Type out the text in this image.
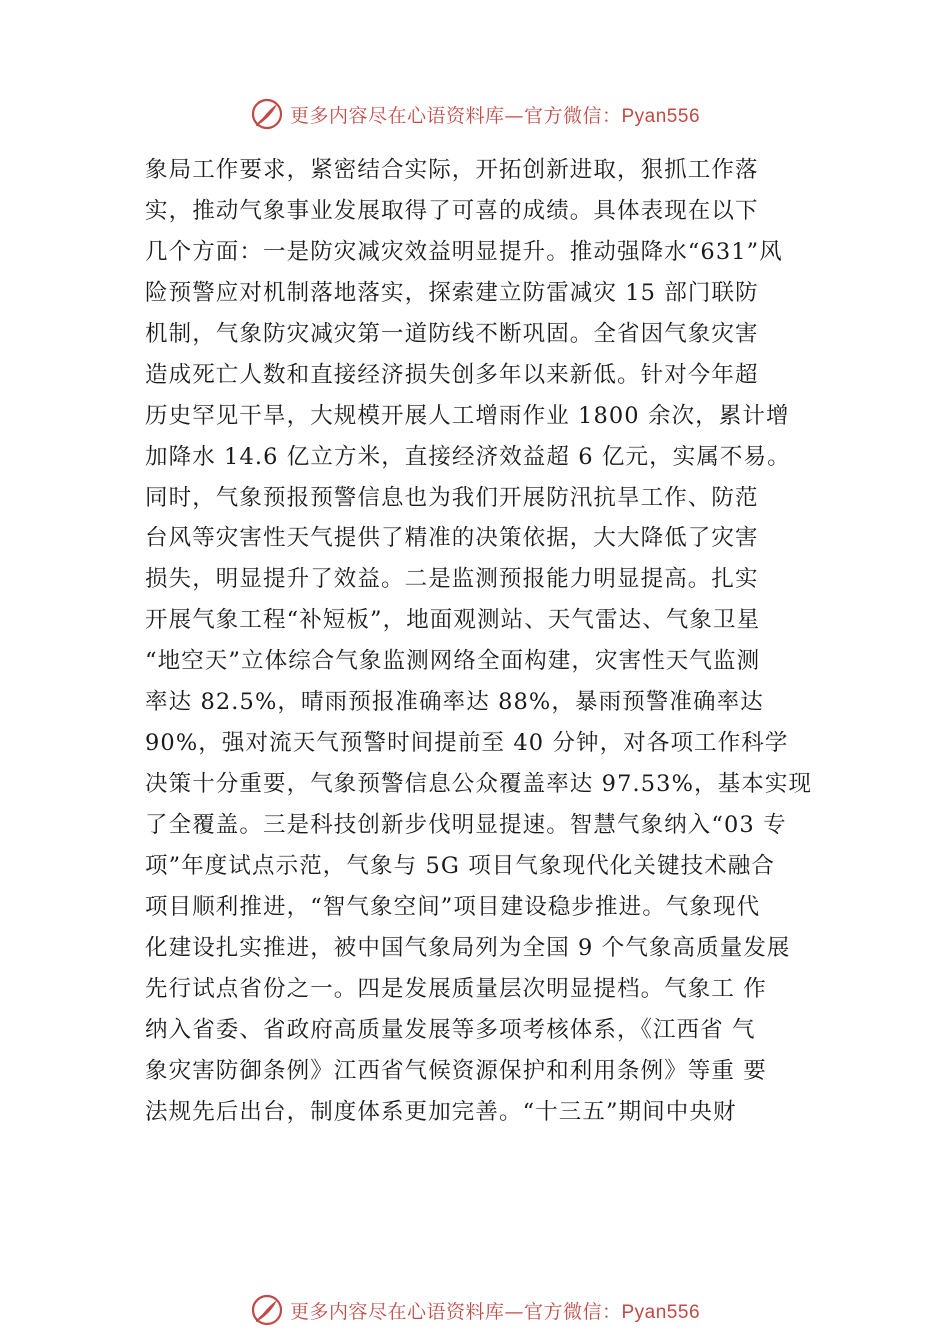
更多内容尽在心语资料库—官方微信：Pyan556
象局工作要求，紧密结合实际，开拓创新进取，狠抓工作落
实，推动气象事业发展取得了可喜的成绩。具体表现在以下
几个方面：一是防灾减灾效益明显提升。推动强降水“631”风
险预警应对机制落地落实，探索建立防雷减灾 15 部门联防
机制，气象防灾减灾第一道防线不断巩固。全省因气象灾害
造成死亡人数和直接经济损失创多年以来新低。针对今年超
历史罕见干旱，大规模开展人工增雨作业 1800 余次，累计增
加降水 14.6 亿立方米，直接经济效益超 6 亿元，实属不易。
同时，气象预报预警信息也为我们开展防汛抗旱工作、防范
台风等灾害性天气提供了精准的决策依据，大大降低了灾害
损失，明显提升了效益。二是监测预报能力明显提高。扎实
开展气象工程“补短板”，地面观测站、天气雷达、气象卫星
“地空天”立体综合气象监测网络全面构建，灾害性天气监测
率达 82.5%，晴雨预报准确率达 88%，暴雨预警准确率达
90%，强对流天气预警时间提前至 40 分钟，对各项工作科学
决策十分重要，气象预警信息公众覆盖率达 97.53%，基本实现
了全覆盖。三是科技创新步伐明显提速。智慧气象纳入“03 专
项”年度试点示范，气象与 5G 项目气象现代化关键技术融合
项目顺利推进，“智气象空间”项目建设稳步推进。气象现代
化建设扎实推进，被中国气象局列为全国 9 个气象高质量发展
先行试点省份之一。四是发展质量层次明显提档。气象工 作
纳入省委、省政府高质量发展等多项考核体系，《江西省 气
象灾害防御条例》江西省气候资源保护和利用条例》等重 要
法规先后出台，制度体系更加完善。“十三五”期间中央财
更多内容尽在心语资料库—官方微信：Pyan556
